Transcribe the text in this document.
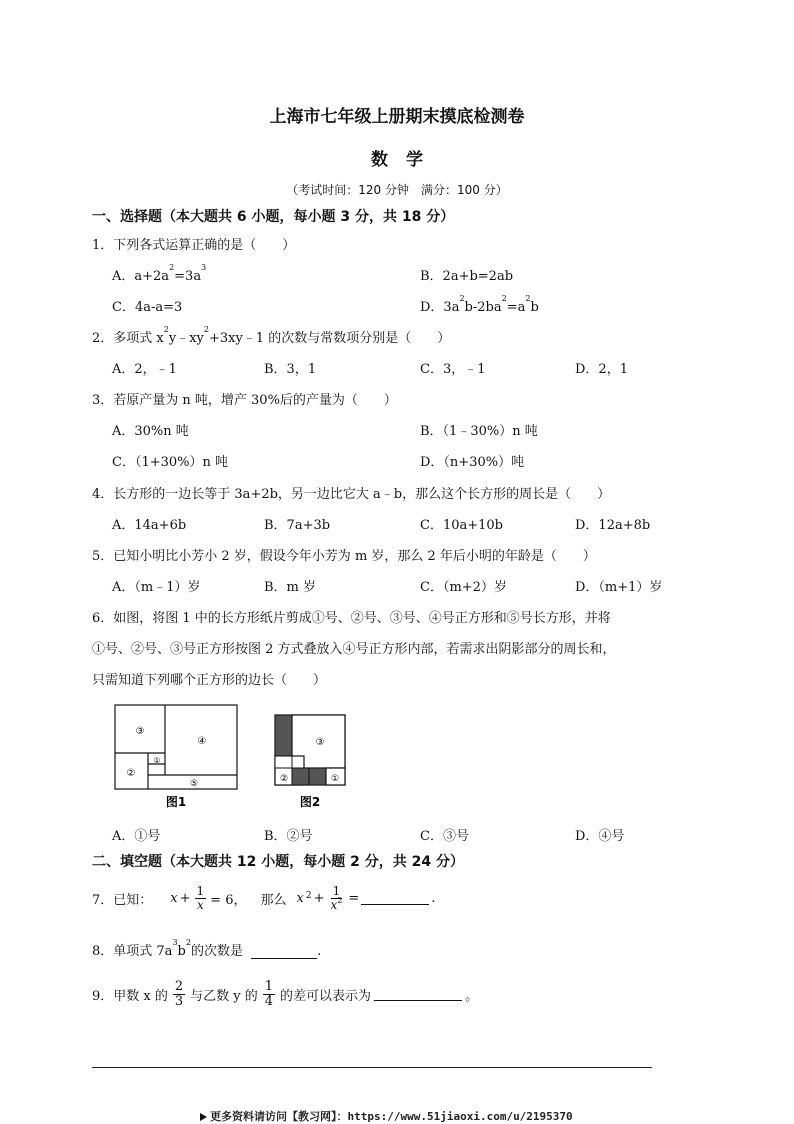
上海市七年级上册期末摸底检测卷
数学
（考试时间：120 分钟　满分：100 分）
一、选择题（本大题共 6 小题，每小题 3 分，共 18 分）
1．下列各式运算正确的是（　　）
A．$a+2a^2=3a^3$
B．2a+b=2ab
C．4a-a=3	D．$3a^2b-2ba^2=a^2b$
2．多项式 $x^2y﹣xy^2+3xy﹣1$ 的次数与常数项分别是（　　）
A．2，﹣1	B．3，1	C．3，﹣1	D．2，1
3．若原产量为 n 吨，增产 30%后的产量为（　　）
A．30%n 吨	B．（1﹣30%）n 吨
C．（1+30%）n 吨	D．（n+30%）吨
4．长方形的一边长等于 3a+2b，另一边比它大 a﹣b，那么这个长方形的周长是（　　）
A．14a+6b	B．7a+3b	C．10a+10b	D．12a+8b
5．已知小明比小芳小 2 岁，假设今年小芳为 m 岁，那么 2 年后小明的年龄是（　　）
A．（m﹣1）岁	B．m 岁	C．（m+2）岁	D．（m+1）岁
6．如图，将图 1 中的长方形纸片剪成①号、②号、③号、④号正方形和⑤号长方形，并将
①号、②号、③号正方形按图 2 方式叠放入④号正方形内部，若需求出阴影部分的周长和，
只需知道下列哪个正方形的边长（　　）
③
④
②
①
⑤
图1
③
②	①
图2
A．①号	B．②号	C．③号	D．④号
二、填空题（本大题共 12 小题，每小题 2 分，共 24 分）
7．已知： $x + \frac{1}{x} = 6$， 那么 $x^2 + \frac{1}{x^2}$ =	.
8．单项式 $7a^3b^2$的次数是	.
9．甲数 x 的 $\frac{2}{3}$ 与乙数 y 的 $\frac{1}{4}$ 的差可以表示为	。
更多资料请访问【教习网】：https://www.51jiaoxi.com/u/2195370
